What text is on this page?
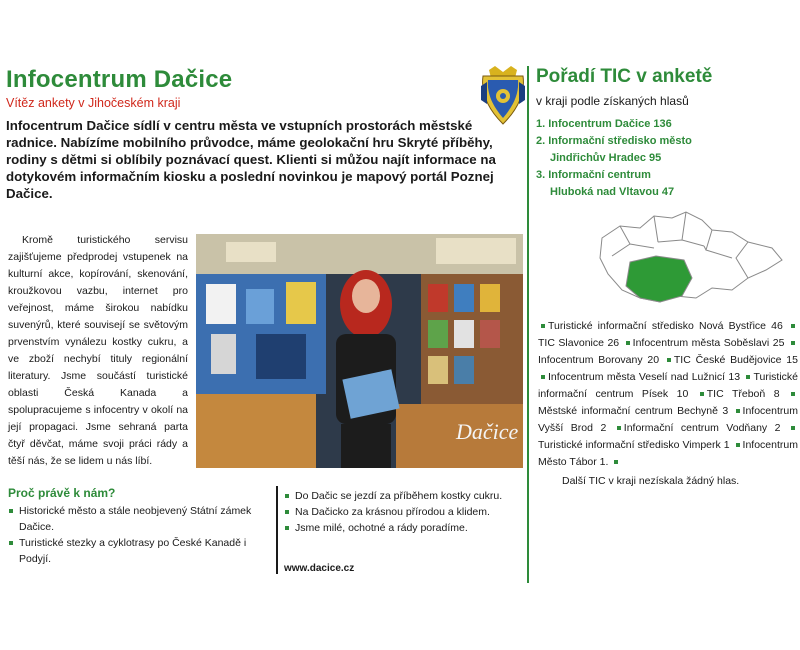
Infocentrum Dačice
Vítěz ankety v Jihočeském kraji
Infocentrum Dačice sídlí v centru města ve vstupních prostorách městské radnice. Nabízíme mobilního průvodce, máme geolokační hru Skryté příběhy, rodiny s dětmi si oblíbily poznávací quest. Klienti si můžou najít informace na dotykovém informačním kiosku a poslední novinkou je mapový portál Poznej Dačice.
Kromě turistického servisu zajišťujeme předprodej vstupenek na kulturní akce, kopírování, skenování, kroužkovou vazbu, internet pro veřejnost, máme širokou nabídku suvenýrů, které souvisejí se světovým prvenstvím vynálezu kostky cukru, a ve zboží nechybí tituly regionální literatury. Jsme součástí turistické oblasti Česká Kanada a spolupracujeme s infocentry v okolí na její propagaci. Jsme sehraná parta čtyř děvčat, máme svoji práci rády a těší nás, že se lidem u nás líbí.
Dačice
Proč právě k nám?
Historické město a stále neobjevený Státní zámek Dačice.
Turistické stezky a cyklotrasy po České Kanadě i Podyjí.
Do Dačic se jezdí za příběhem kostky cukru.
Na Dačicko za krásnou přírodou a klidem.
Jsme milé, ochotné a rády poradíme.
www.dacice.cz
Pořadí TIC v anketě
v kraji podle získaných hlasů
1. Infocentrum Dačice 136
2. Informační středisko město
Jindřichův Hradec 95
3. Informační centrum
Hluboká nad Vltavou 47
Turistické informační středisko Nová Bystřice 46 TIC Slavonice 26 Infocentrum města Soběslavi 25 Infocentrum Borovany 20 TIC České Budějovice 15 Infocentrum města Veselí nad Lužnicí 13 Turistické informační centrum Písek 10 TIC Třeboň 8 Městské informační centrum Bechyně 3 Infocentrum Vyšší Brod 2 Informační centrum Vodňany 2 Turistické informační středisko Vimperk 1 Infocentrum Město Tábor 1.
Další TIC v kraji nezískala žádný hlas.
